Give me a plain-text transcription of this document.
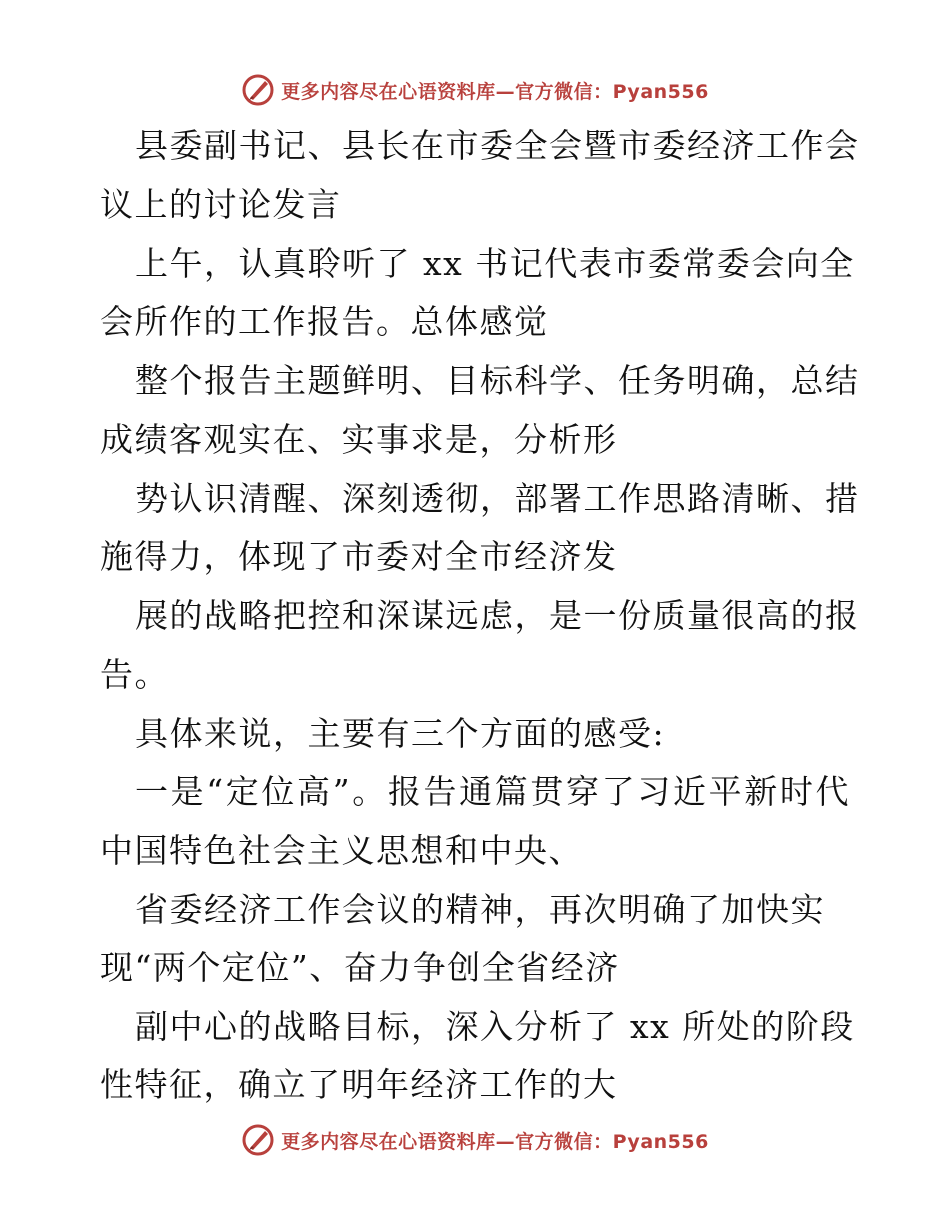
更多内容尽在心语资料库—官方微信：Pyan556
县委副书记、县长在市委全会暨市委经济工作会
议上的讨论发言
上午，认真聆听了 xx 书记代表市委常委会向全
会所作的工作报告。总体感觉
整个报告主题鲜明、目标科学、任务明确，总结
成绩客观实在、实事求是，分析形
势认识清醒、深刻透彻，部署工作思路清晰、措
施得力，体现了市委对全市经济发
展的战略把控和深谋远虑，是一份质量很高的报
告。
具体来说，主要有三个方面的感受:
一是“定位高”。报告通篇贯穿了习近平新时代
中国特色社会主义思想和中央、
省委经济工作会议的精神，再次明确了加快实
现“两个定位”、奋力争创全省经济
副中心的战略目标，深入分析了 xx 所处的阶段
性特征，确立了明年经济工作的大
更多内容尽在心语资料库—官方微信：Pyan556
